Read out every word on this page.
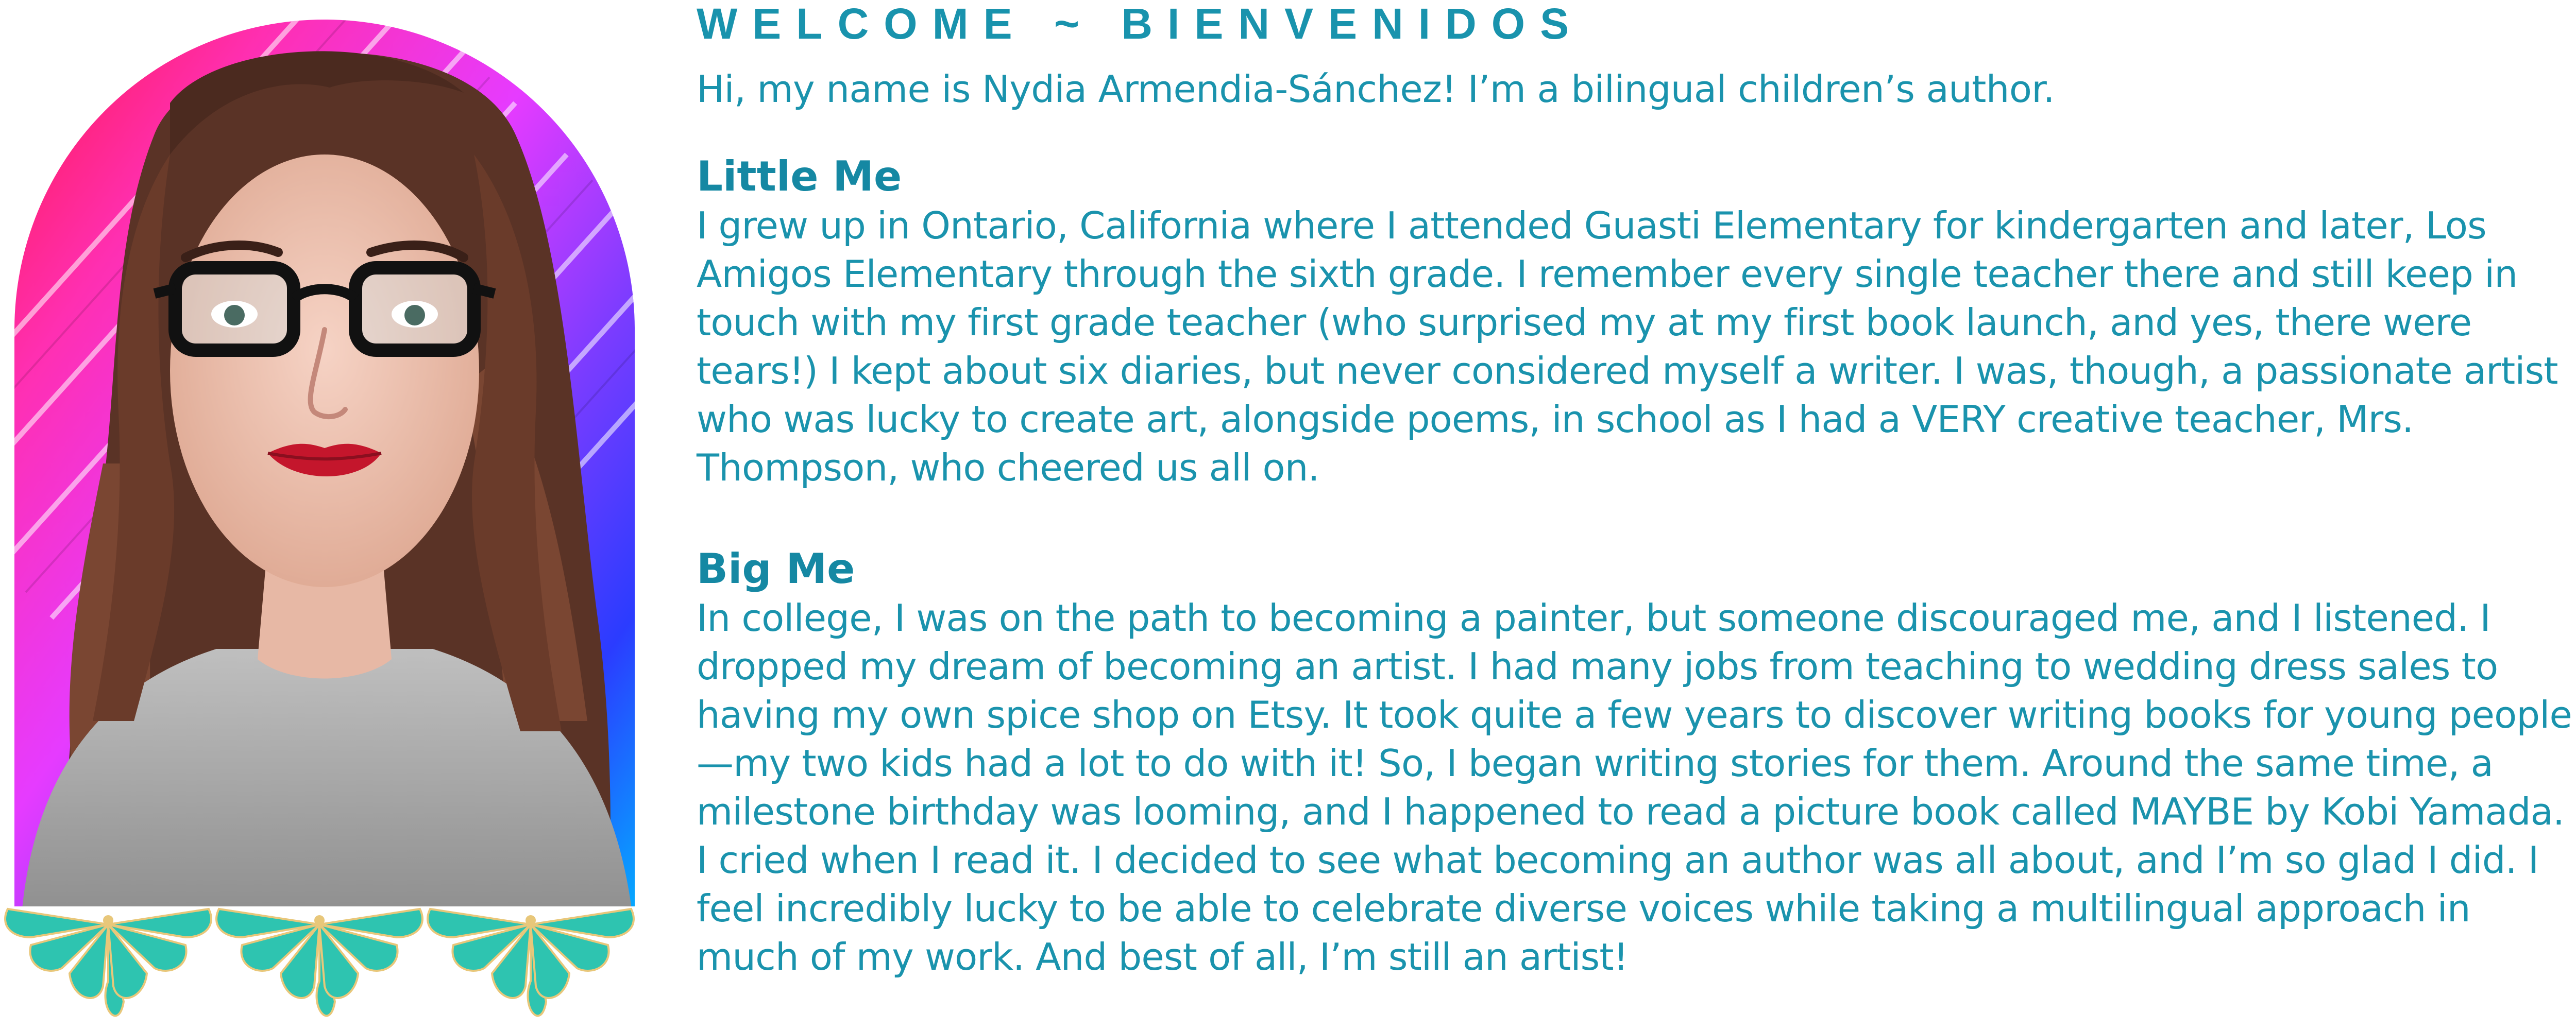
WELCOME ~ BIENVENIDOS

Hi, my name is Nydia Armendia-Sánchez! I’m a bilingual children’s author.

Little Me

I grew up in Ontario, California where I attended Guasti Elementary for kindergarten and later, Los Amigos Elementary through the sixth grade. I remember every single teacher there and still keep in touch with my first grade teacher (who surprised my at my first book launch, and yes, there were tears!) I kept about six diaries, but never considered myself a writer. I was, though, a passionate artist who was lucky to create art, alongside poems, in school as I had a VERY creative teacher, Mrs. Thompson, who cheered us all on.

Big Me

In college, I was on the path to becoming a painter, but someone discouraged me, and I listened. I dropped my dream of becoming an artist. I had many jobs from teaching to wedding dress sales to having my own spice shop on Etsy. It took quite a few years to discover writing books for young people—my two kids had a lot to do with it! So, I began writing stories for them. Around the same time, a milestone birthday was looming, and I happened to read a picture book called MAYBE by Kobi Yamada. I cried when I read it. I decided to see what becoming an author was all about, and I’m so glad I did. I feel incredibly lucky to be able to celebrate diverse voices while taking a multilingual approach in much of my work. And best of all, I’m still an artist!
